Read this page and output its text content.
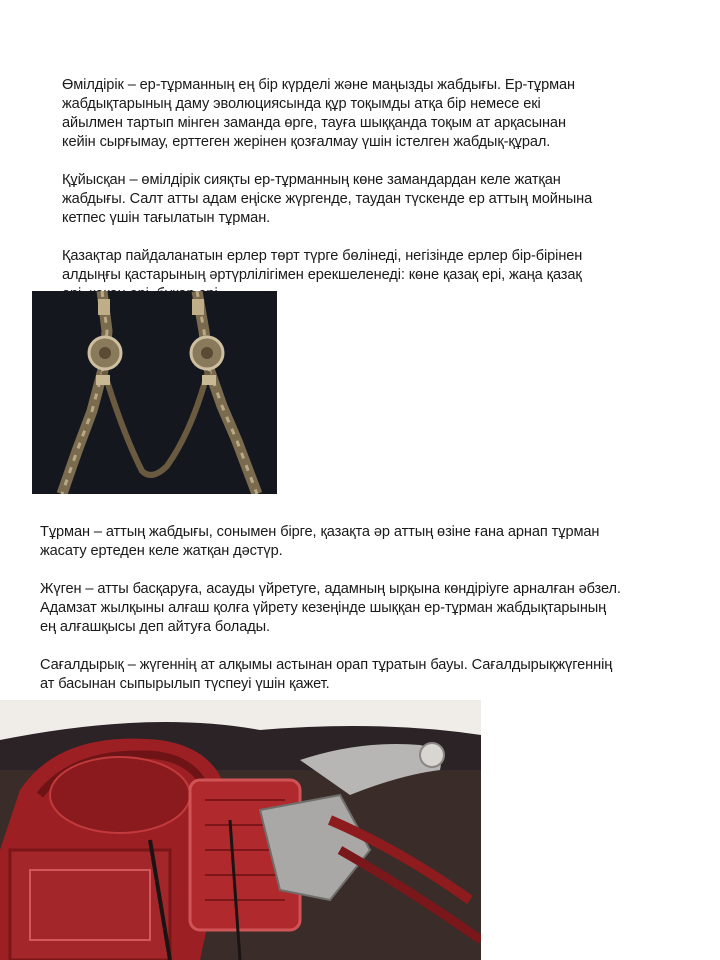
Өмілдірік – ер-тұрманның ең бір күрделі және маңызды жабдығы. Ер-тұрман
жабдықтарының даму эволюциясында құр тоқымды атқа бір немесе екі
айылмен тартып мінген заманда өрге, тауға шыққанда тоқым ат арқасынан
кейін сырғымау, ерттеген жерінен қозғалмау үшін істелген жабдық-құрал.

Құйысқан – өмілдірік сияқты ер-тұрманның көне замандардан келе жатқан
жабдығы. Салт атты адам еңіске жүргенде, таудан түскенде ер аттың мойнына
кетпес үшін тағылатын тұрман.

Қазақтар пайдаланатын ерлер төрт түрге бөлінеді, негізінде ерлер бір-бірінен
алдыңғы қастарының әртүрлілігімен ерекшеленеді: көне қазақ ері, жаңа қазақ

Тұрман – аттың жабдығы, сонымен бірге, қазақта әр аттың өзіне ғана арнап тұрман
жасату ертеден келе жатқан дәстүр.

Жүген – атты басқаруға, асауды үйретуге, адамның ырқына көндіріуге арналған әбзел.
Адамзат жылқыны алғаш қолға үйрету кезеңінде шыққан ер-тұрман жабдықтарының
ең алғашқысы деп айтуға болады.

Сағалдырық – жүгеннің ат алқымы астынан орап тұратын бауы. Сағалдырықжүгеннің
ат басынан сыпырылып түспеуі үшін қажет.
